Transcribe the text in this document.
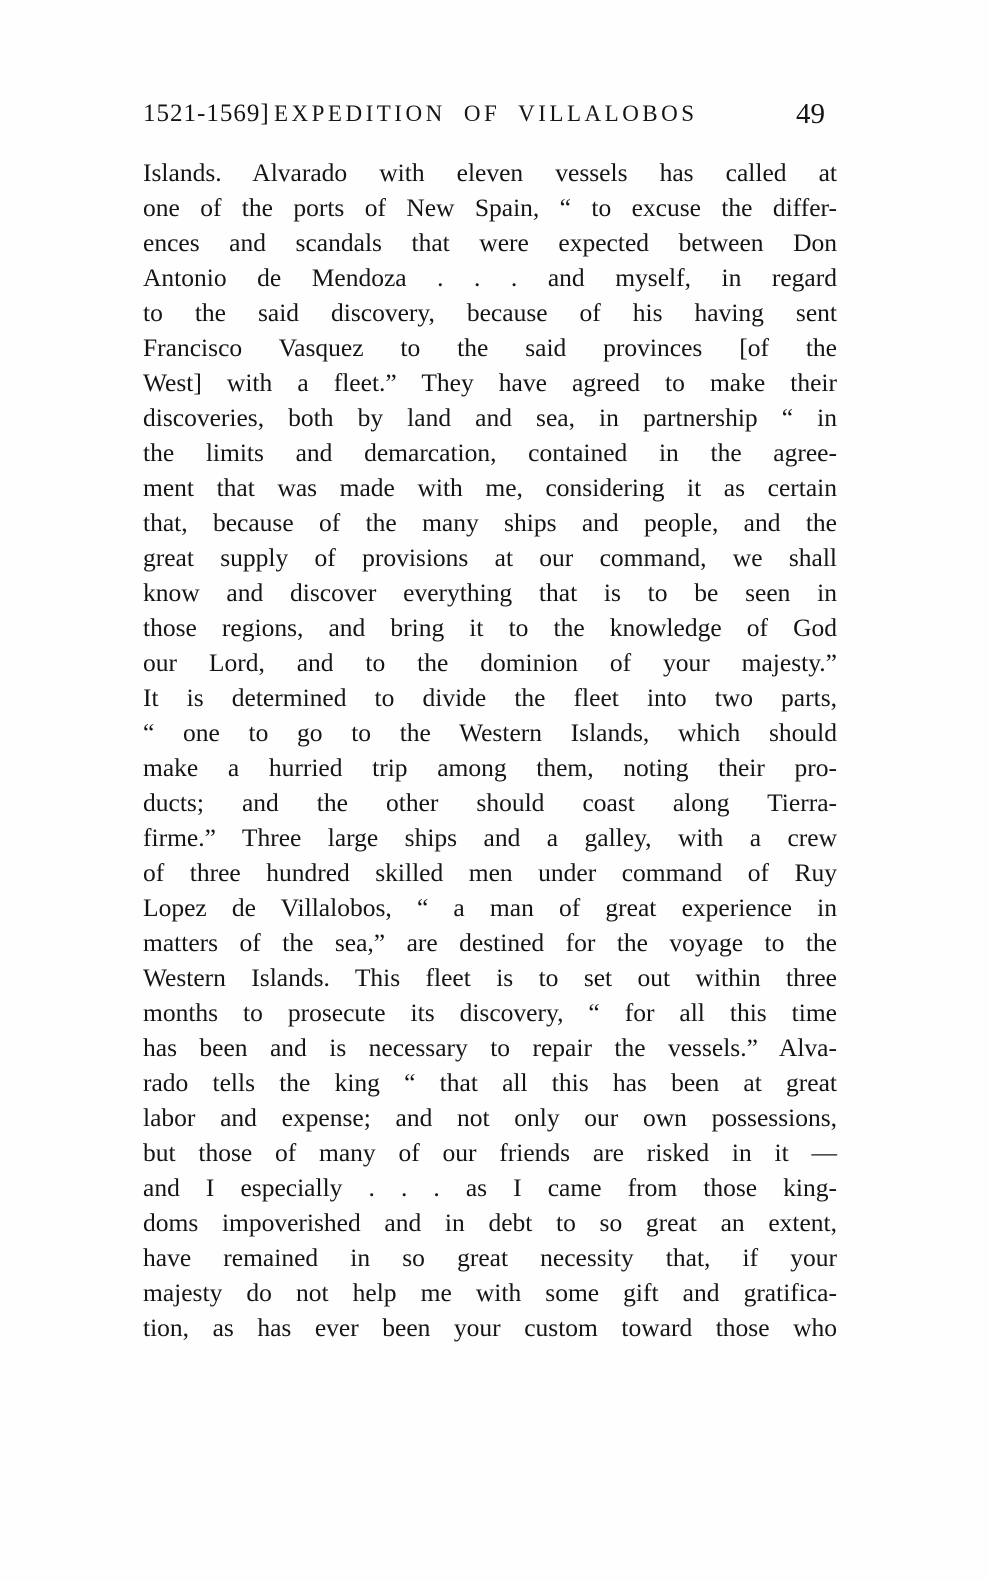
1521-1569] EXPEDITION OF VILLALOBOS	49
Islands. Alvarado with eleven vessels has called at
one of the ports of New Spain, “ to excuse the differ-
ences and scandals that were expected between Don
Antonio de Mendoza . . . and myself, in regard
to the said discovery, because of his having sent
Francisco Vasquez to the said provinces [of the
West] with a fleet.” They have agreed to make their
discoveries, both by land and sea, in partnership “ in
the limits and demarcation, contained in the agree-
ment that was made with me, considering it as certain
that, because of the many ships and people, and the
great supply of provisions at our command, we shall
know and discover everything that is to be seen in
those regions, and bring it to the knowledge of God
our Lord, and to the dominion of your majesty.”
It is determined to divide the fleet into two parts,
“ one to go to the Western Islands, which should
make a hurried trip among them, noting their pro-
ducts; and the other should coast along Tierra-
firme.” Three large ships and a galley, with a crew
of three hundred skilled men under command of Ruy
Lopez de Villalobos, “ a man of great experience in
matters of the sea,” are destined for the voyage to the
Western Islands. This fleet is to set out within three
months to prosecute its discovery, “ for all this time
has been and is necessary to repair the vessels.” Alva-
rado tells the king “ that all this has been at great
labor and expense; and not only our own possessions,
but those of many of our friends are risked in it —
and I especially . . . as I came from those king-
doms impoverished and in debt to so great an extent,
have remained in so great necessity that, if your
majesty do not help me with some gift and gratifica-
tion, as has ever been your custom toward those who
